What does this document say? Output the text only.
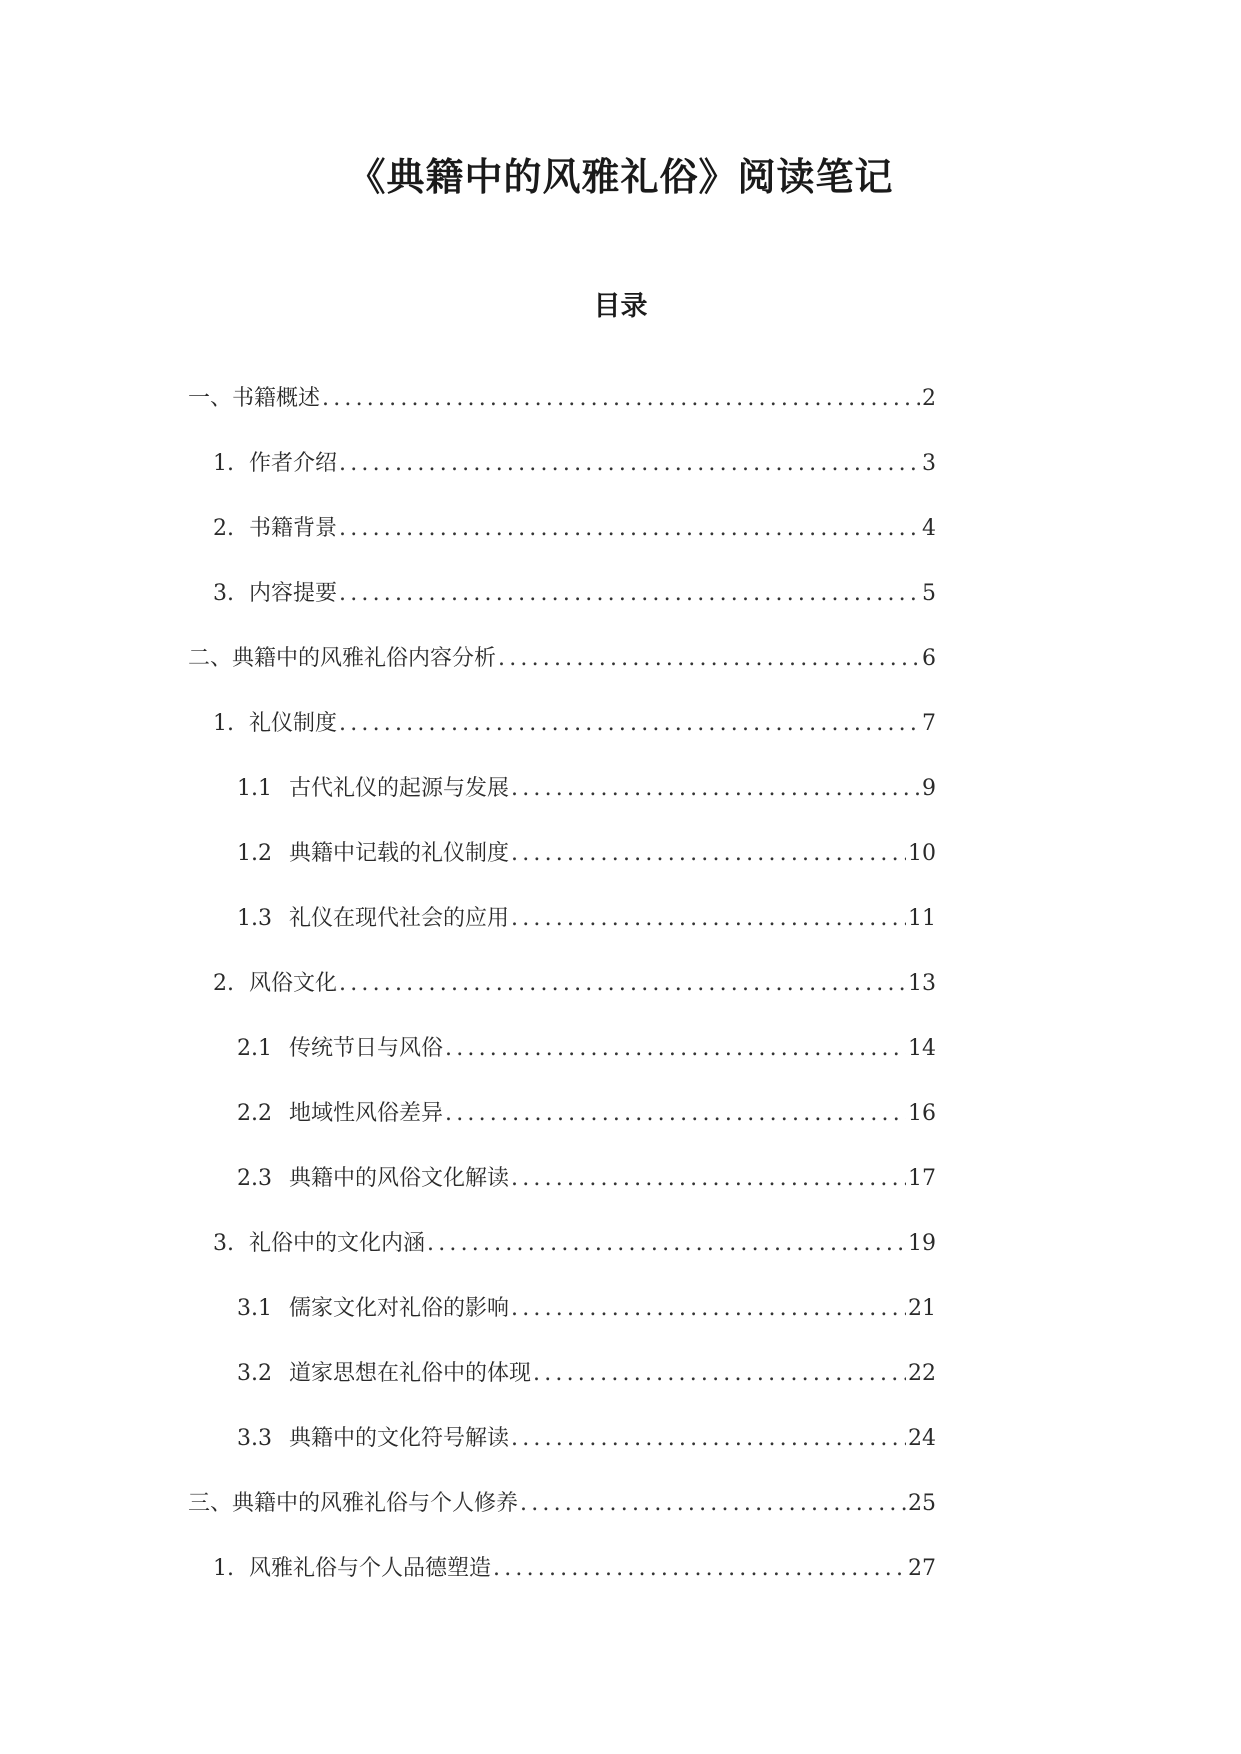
《典籍中的风雅礼俗》阅读笔记
目录
一、书籍概述 .....	2
1. 作者介绍 .....	3
2. 书籍背景 .....	4
3. 内容提要 .....	5
二、典籍中的风雅礼俗内容分析 .....	6
1. 礼仪制度 .....	7
1.1 古代礼仪的起源与发展 .....	9
1.2 典籍中记载的礼仪制度 .....	10
1.3 礼仪在现代社会的应用 .....	11
2. 风俗文化 .....	13
2.1 传统节日与风俗 .....	14
2.2 地域性风俗差异 .....	16
2.3 典籍中的风俗文化解读 .....	17
3. 礼俗中的文化内涵 .....	19
3.1 儒家文化对礼俗的影响 .....	21
3.2 道家思想在礼俗中的体现 .....	22
3.3 典籍中的文化符号解读 .....	24
三、典籍中的风雅礼俗与个人修养 .....	25
1. 风雅礼俗与个人品德塑造 .....	27
